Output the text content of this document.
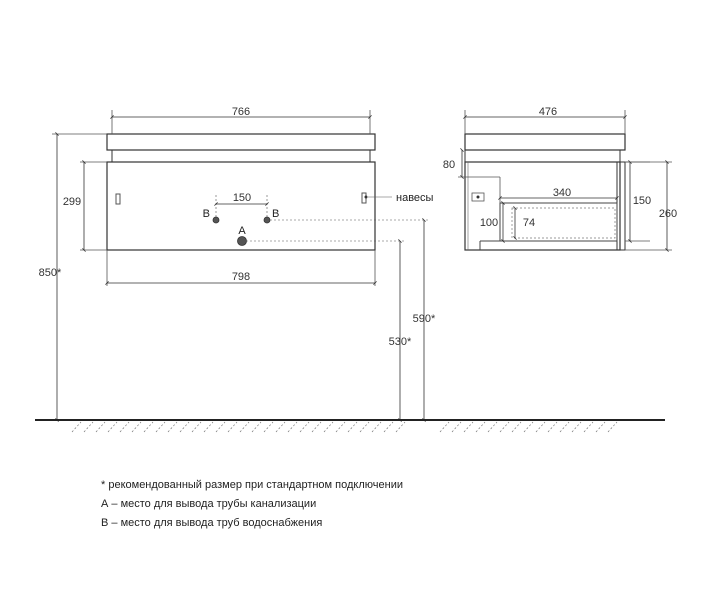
766
798
299
850*
150
B	B
A
590*
530*
навесы
476
80
340
150
260
100 74
* рекомендованный размер при стандартном подключении
А – место для вывода трубы канализации
В – место для вывода труб водоснабжения
